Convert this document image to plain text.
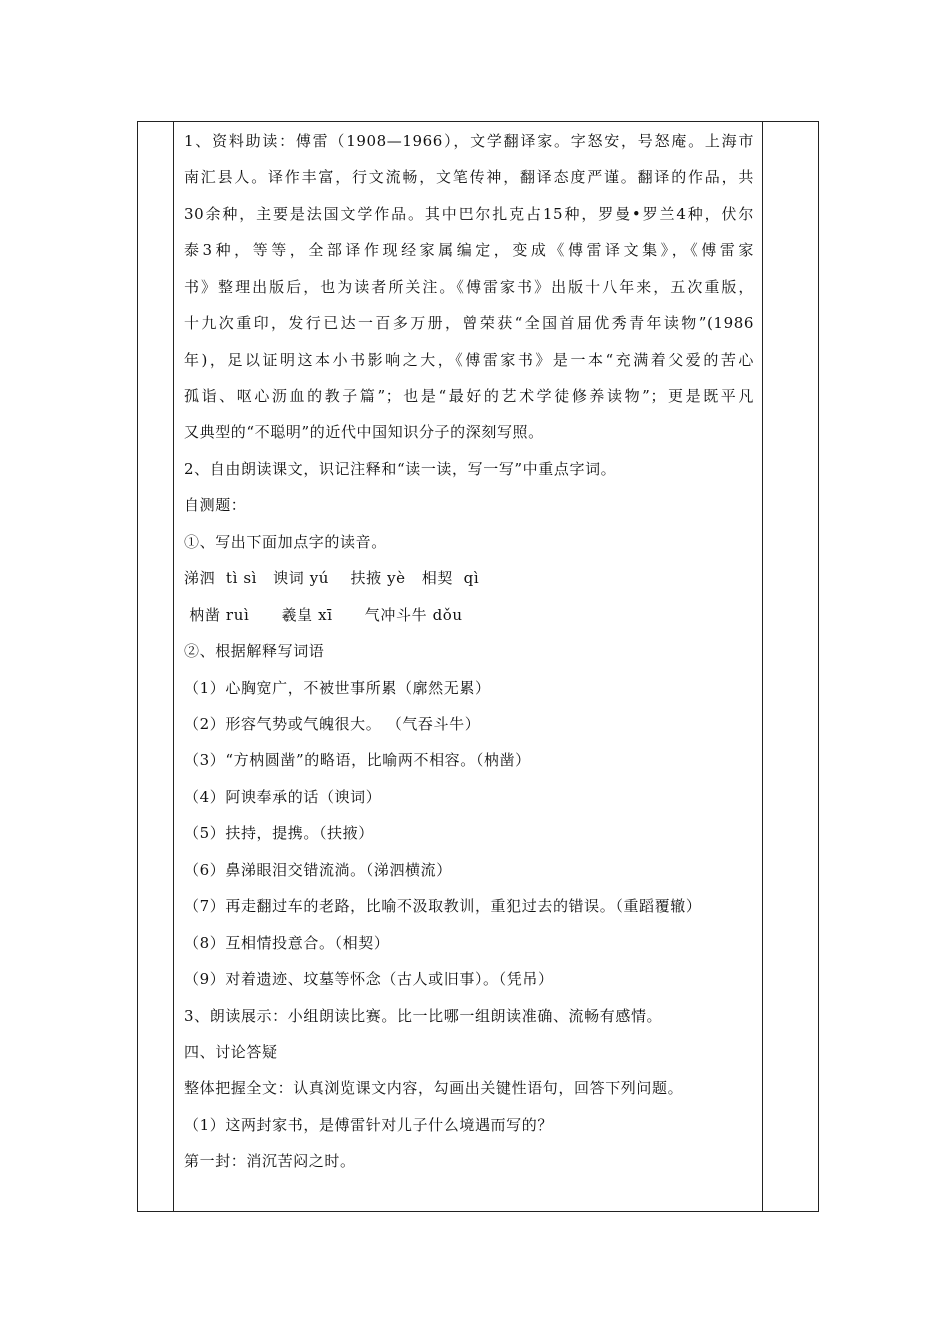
1、资料助读：傅雷（1908—1966），文学翻译家。字怒安，号怒庵。上海市
南汇县人。译作丰富，行文流畅，文笔传神，翻译态度严谨。翻译的作品，共
30余种，主要是法国文学作品。其中巴尔扎克占15种，罗曼•罗兰4种，伏尔
泰3种，等等，全部译作现经家属编定，变成《傅雷译文集》，《傅雷家
书》整理出版后，也为读者所关注。《傅雷家书》出版十八年来，五次重版，
十九次重印，发行已达一百多万册，曾荣获“全国首届优秀青年读物”(1986
年)，足以证明这本小书影响之大，《傅雷家书》是一本“充满着父爱的苦心
孤诣、呕心沥血的教子篇”；也是“最好的艺术学徒修养读物”；更是既平凡
又典型的“不聪明”的近代中国知识分子的深刻写照。
2、自由朗读课文，识记注释和“读一读，写一写”中重点字词。
自测题：
①、写出下面加点字的读音。
涕泗  tì sì   谀词 yú    扶掖 yè   相契  qì
枘凿 ruì      羲皇 xī      气冲斗牛 dǒu
②、根据解释写词语
（1）心胸宽广，不被世事所累（廓然无累）
（2）形容气势或气魄很大。 （气吞斗牛）
（3）“方枘圆凿”的略语，比喻两不相容。（枘凿）
（4）阿谀奉承的话（谀词）
（5）扶持，提携。（扶掖）
（6）鼻涕眼泪交错流淌。（涕泗横流）
（7）再走翻过车的老路，比喻不汲取教训，重犯过去的错误。（重蹈覆辙）
（8）互相情投意合。（相契）
（9）对着遗迹、坟墓等怀念（古人或旧事）。（凭吊）
3、朗读展示：小组朗读比赛。比一比哪一组朗读准确、流畅有感情。
四、讨论答疑
整体把握全文：认真浏览课文内容，勾画出关键性语句，回答下列问题。
（1）这两封家书，是傅雷针对儿子什么境遇而写的？
第一封：消沉苦闷之时。
